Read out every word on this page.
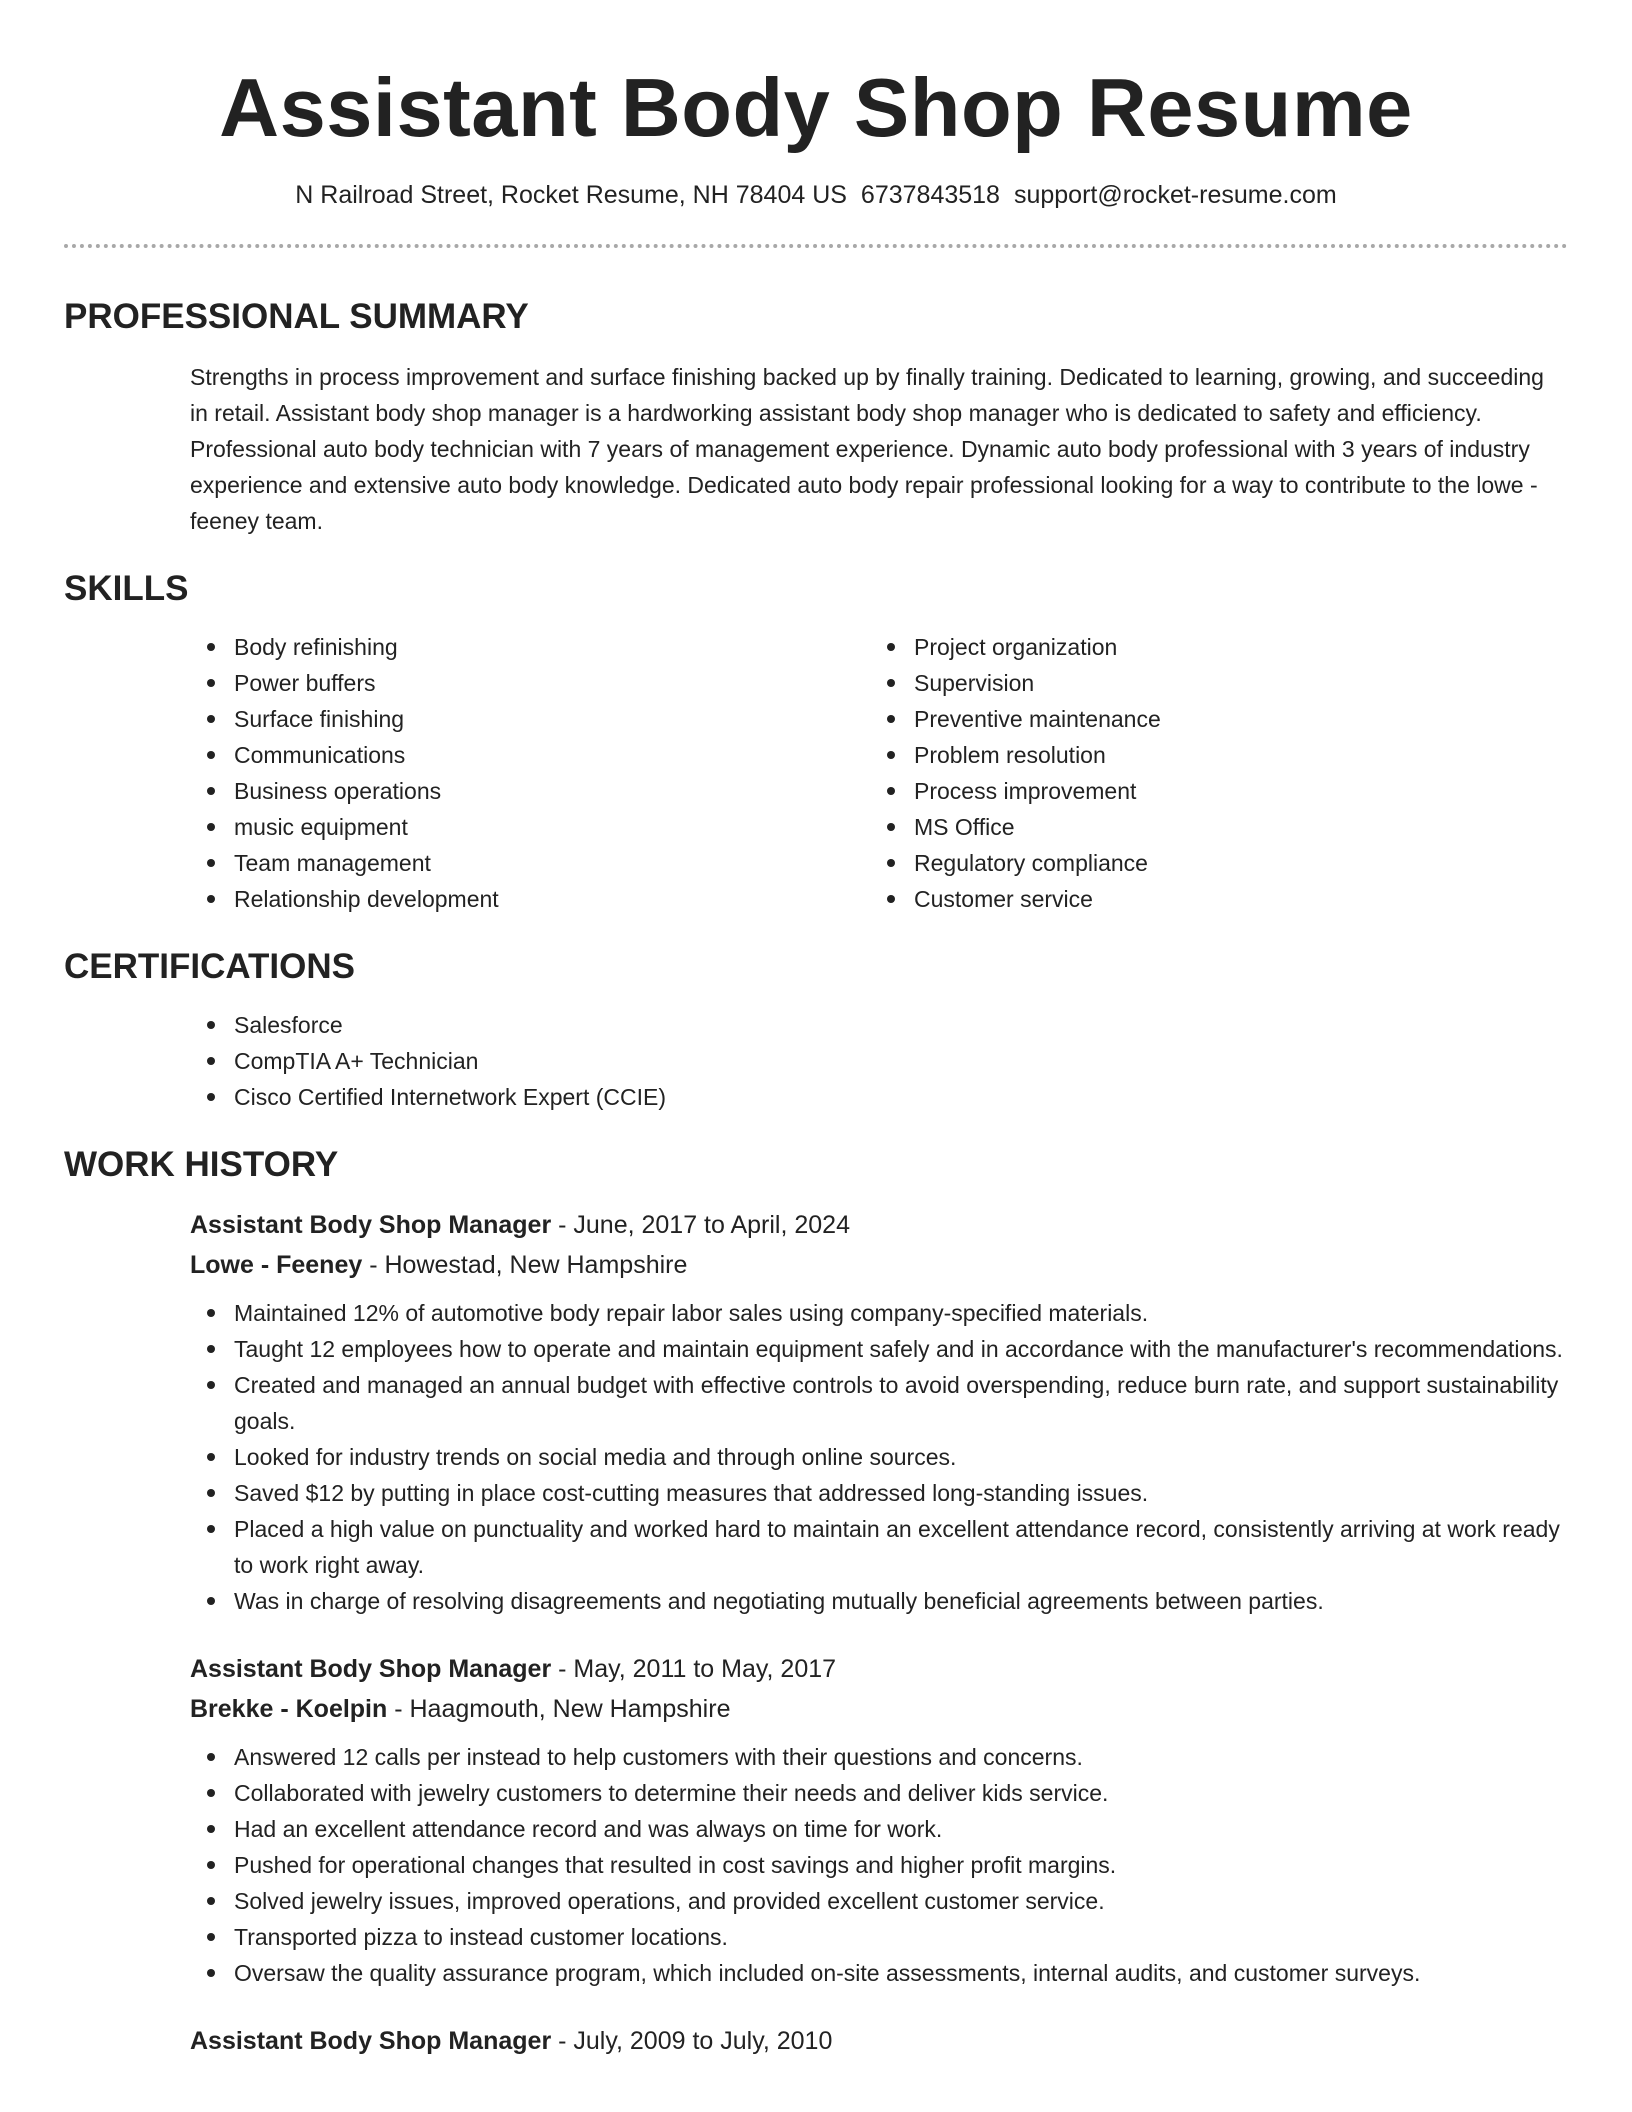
Assistant Body Shop Resume
N Railroad Street, Rocket Resume, NH 78404 US 6737843518 support@rocket-resume.com
PROFESSIONAL SUMMARY

Strengths in process improvement and surface finishing backed up by finally training. Dedicated to learning, growing, and succeeding in retail. Assistant body shop manager is a hardworking assistant body shop manager who is dedicated to safety and efficiency. Professional auto body technician with 7 years of management experience. Dynamic auto body professional with 3 years of industry experience and extensive auto body knowledge. Dedicated auto body repair professional looking for a way to contribute to the lowe - feeney team.

SKILLS
Body refinishing
Power buffers
Surface finishing
Communications
Business operations
music equipment
Team management
Relationship development
Project organization
Supervision
Preventive maintenance
Problem resolution
Process improvement
MS Office
Regulatory compliance
Customer service
CERTIFICATIONS
Salesforce
CompTIA A+ Technician
Cisco Certified Internetwork Expert (CCIE)
WORK HISTORY
Assistant Body Shop Manager - June, 2017 to April, 2024
Lowe - Feeney - Howestad, New Hampshire
Maintained 12% of automotive body repair labor sales using company-specified materials.
Taught 12 employees how to operate and maintain equipment safely and in accordance with the manufacturer's recommendations.
Created and managed an annual budget with effective controls to avoid overspending, reduce burn rate, and support sustainability goals.
Looked for industry trends on social media and through online sources.
Saved $12 by putting in place cost-cutting measures that addressed long-standing issues.
Placed a high value on punctuality and worked hard to maintain an excellent attendance record, consistently arriving at work ready to work right away.
Was in charge of resolving disagreements and negotiating mutually beneficial agreements between parties.
Assistant Body Shop Manager - May, 2011 to May, 2017
Brekke - Koelpin - Haagmouth, New Hampshire
Answered 12 calls per instead to help customers with their questions and concerns.
Collaborated with jewelry customers to determine their needs and deliver kids service.
Had an excellent attendance record and was always on time for work.
Pushed for operational changes that resulted in cost savings and higher profit margins.
Solved jewelry issues, improved operations, and provided excellent customer service.
Transported pizza to instead customer locations.
Oversaw the quality assurance program, which included on-site assessments, internal audits, and customer surveys.
Assistant Body Shop Manager - July, 2009 to July, 2010
